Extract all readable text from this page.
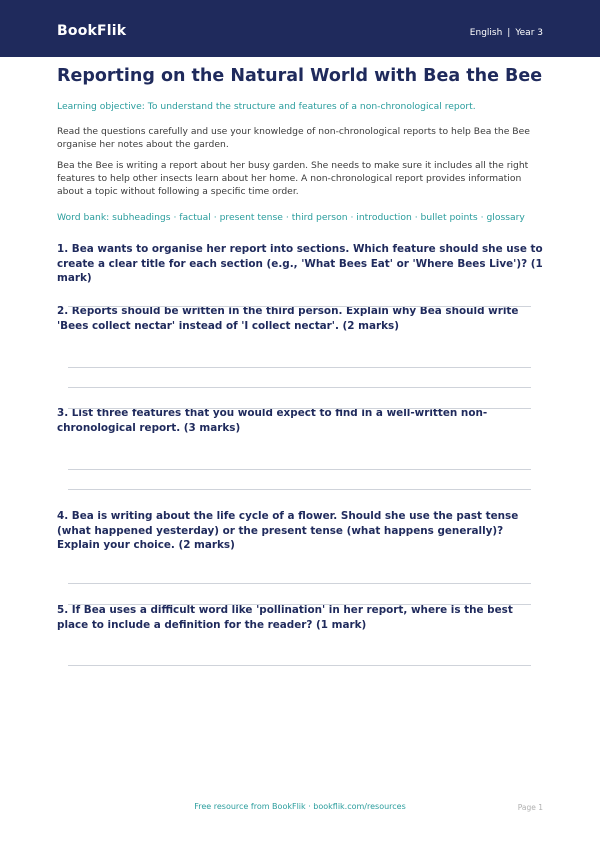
BookFlik	English | Year 3
Reporting on the Natural World with Bea the Bee
Learning objective: To understand the structure and features of a non-chronological report.
Read the questions carefully and use your knowledge of non-chronological reports to help Bea the Bee organise her notes about the garden.
Bea the Bee is writing a report about her busy garden. She needs to make sure it includes all the right features to help other insects learn about her home. A non-chronological report provides information about a topic without following a specific time order.
Word bank: subheadings · factual · present tense · third person · introduction · bullet points · glossary
1. Bea wants to organise her report into sections. Which feature should she use to create a clear title for each section (e.g., 'What Bees Eat' or 'Where Bees Live')? (1 mark)
2. Reports should be written in the third person. Explain why Bea should write 'Bees collect nectar' instead of 'I collect nectar'. (2 marks)
3. List three features that you would expect to find in a well-written non-chronological report. (3 marks)
4. Bea is writing about the life cycle of a flower. Should she use the past tense (what happened yesterday) or the present tense (what happens generally)? Explain your choice. (2 marks)
5. If Bea uses a difficult word like 'pollination' in her report, where is the best place to include a definition for the reader? (1 mark)
Free resource from BookFlik · bookflik.com/resources	Page 1
